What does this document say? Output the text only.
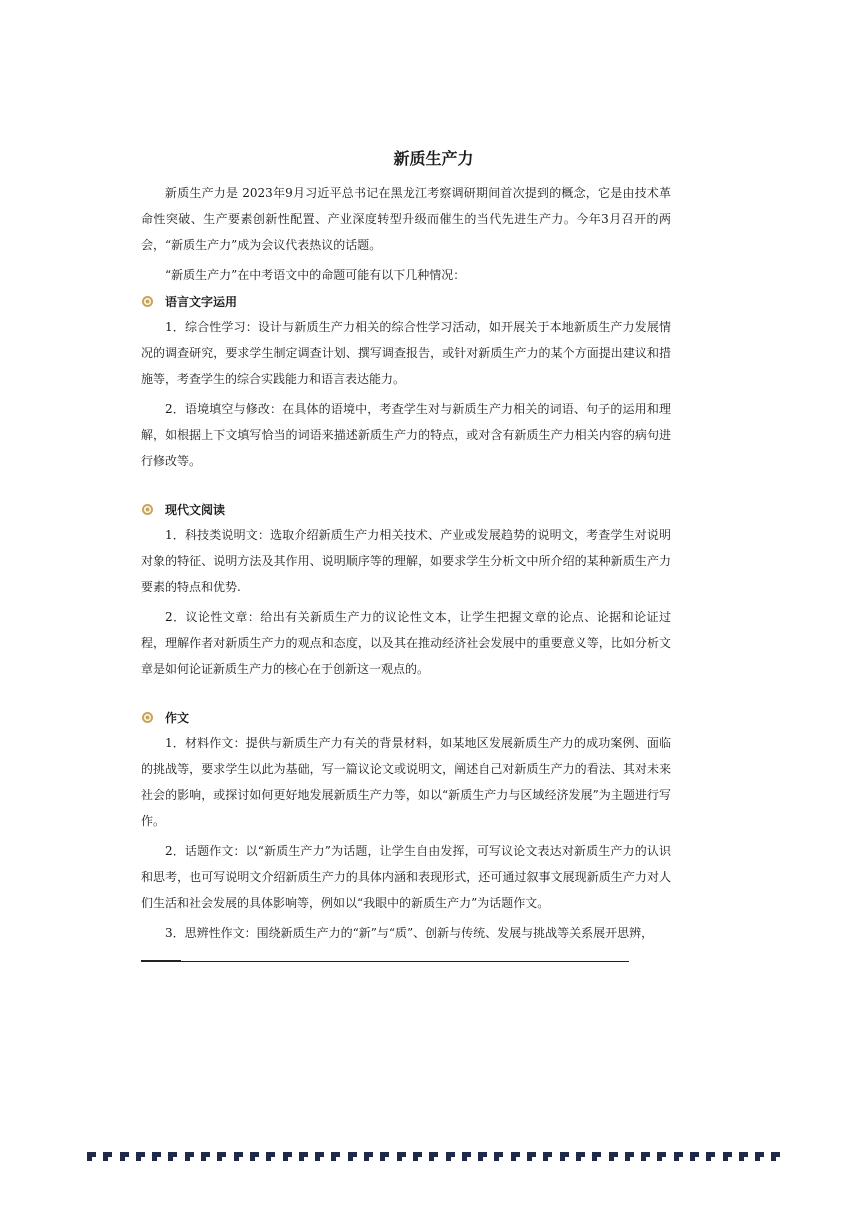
新质生产力

新质生产力是 2023年9月习近平总书记在黑龙江考察调研期间首次提到的概念，它是由技术革命性突破、生产要素创新性配置、产业深度转型升级而催生的当代先进生产力。今年3月召开的两会，“新质生产力”成为会议代表热议的话题。

“新质生产力”在中考语文中的命题可能有以下几种情况：

语言文字运用

1．综合性学习：设计与新质生产力相关的综合性学习活动，如开展关于本地新质生产力发展情况的调查研究，要求学生制定调查计划、撰写调查报告，或针对新质生产力的某个方面提出建议和措施等，考查学生的综合实践能力和语言表达能力。

2．语境填空与修改：在具体的语境中，考查学生对与新质生产力相关的词语、句子的运用和理解，如根据上下文填写恰当的词语来描述新质生产力的特点，或对含有新质生产力相关内容的病句进行修改等。

现代文阅读

1．科技类说明文：选取介绍新质生产力相关技术、产业或发展趋势的说明文，考查学生对说明对象的特征、说明方法及其作用、说明顺序等的理解，如要求学生分析文中所介绍的某种新质生产力要素的特点和优势.

2．议论性文章：给出有关新质生产力的议论性文本，让学生把握文章的论点、论据和论证过程，理解作者对新质生产力的观点和态度，以及其在推动经济社会发展中的重要意义等，比如分析文章是如何论证新质生产力的核心在于创新这一观点的。

作文

1．材料作文：提供与新质生产力有关的背景材料，如某地区发展新质生产力的成功案例、面临的挑战等，要求学生以此为基础，写一篇议论文或说明文，阐述自己对新质生产力的看法、其对未来社会的影响，或探讨如何更好地发展新质生产力等，如以“新质生产力与区域经济发展”为主题进行写作。

2．话题作文：以“新质生产力”为话题，让学生自由发挥，可写议论文表达对新质生产力的认识和思考，也可写说明文介绍新质生产力的具体内涵和表现形式，还可通过叙事文展现新质生产力对人们生活和社会发展的具体影响等，例如以“我眼中的新质生产力”为话题作文。

3．思辨性作文：围绕新质生产力的“新”与“质”、创新与传统、发展与挑战等关系展开思辨，
